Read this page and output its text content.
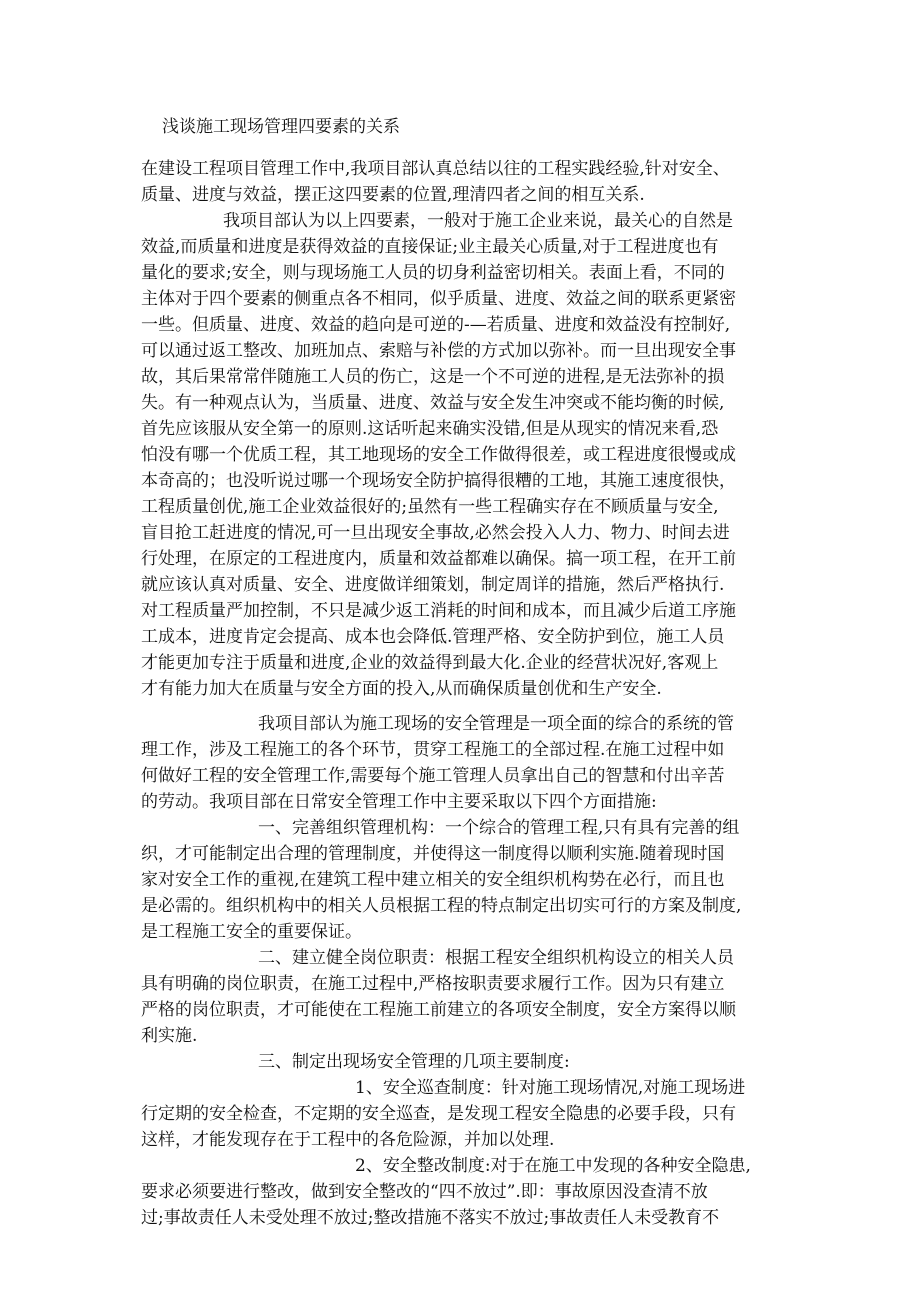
浅谈施工现场管理四要素的关系
在建设工程项目管理工作中,我项目部认真总结以往的工程实践经验,针对安全、
质量、进度与效益，摆正这四要素的位置,理清四者之间的相互关系.
我项目部认为以上四要素，一般对于施工企业来说，最关心的自然是
效益,而质量和进度是获得效益的直接保证;业主最关心质量,对于工程进度也有
量化的要求;安全，则与现场施工人员的切身利益密切相关。表面上看，不同的
主体对于四个要素的侧重点各不相同，似乎质量、进度、效益之间的联系更紧密
一些。但质量、进度、效益的趋向是可逆的-—若质量、进度和效益没有控制好,
可以通过返工整改、加班加点、索赔与补偿的方式加以弥补。而一旦出现安全事
故，其后果常常伴随施工人员的伤亡，这是一个不可逆的进程,是无法弥补的损
失。有一种观点认为，当质量、进度、效益与安全发生冲突或不能均衡的时候,
首先应该服从安全第一的原则.这话听起来确实没错,但是从现实的情况来看,恐
怕没有哪一个优质工程，其工地现场的安全工作做得很差，或工程进度很慢或成
本奇高的；也没听说过哪一个现场安全防护搞得很糟的工地，其施工速度很快，
工程质量创优,施工企业效益很好的;虽然有一些工程确实存在不顾质量与安全,
盲目抢工赶进度的情况,可一旦出现安全事故,必然会投入人力、物力、时间去进
行处理，在原定的工程进度内，质量和效益都难以确保。搞一项工程，在开工前
就应该认真对质量、安全、进度做详细策划，制定周详的措施，然后严格执行.
对工程质量严加控制，不只是减少返工消耗的时间和成本，而且减少后道工序施
工成本，进度肯定会提高、成本也会降低.管理严格、安全防护到位，施工人员
才能更加专注于质量和进度,企业的效益得到最大化.企业的经营状况好,客观上
才有能力加大在质量与安全方面的投入,从而确保质量创优和生产安全.
我项目部认为施工现场的安全管理是一项全面的综合的系统的管
理工作，涉及工程施工的各个环节，贯穿工程施工的全部过程.在施工过程中如
何做好工程的安全管理工作,需要每个施工管理人员拿出自己的智慧和付出辛苦
的劳动。我项目部在日常安全管理工作中主要采取以下四个方面措施:
一、完善组织管理机构：一个综合的管理工程,只有具有完善的组
织，才可能制定出合理的管理制度，并使得这一制度得以顺利实施.随着现时国
家对安全工作的重视,在建筑工程中建立相关的安全组织机构势在必行，而且也
是必需的。组织机构中的相关人员根据工程的特点制定出切实可行的方案及制度,
是工程施工安全的重要保证。
二、建立健全岗位职责：根据工程安全组织机构设立的相关人员
具有明确的岗位职责，在施工过程中,严格按职责要求履行工作。因为只有建立
严格的岗位职责，才可能使在工程施工前建立的各项安全制度，安全方案得以顺
利实施.
三、制定出现场安全管理的几项主要制度:
1、安全巡查制度：针对施工现场情况,对施工现场进
行定期的安全检查，不定期的安全巡查，是发现工程安全隐患的必要手段，只有
这样，才能发现存在于工程中的各危险源，并加以处理.
2、安全整改制度:对于在施工中发现的各种安全隐患,
要求必须要进行整改，做到安全整改的“四不放过”.即：事故原因没查清不放
过;事故责任人未受处理不放过;整改措施不落实不放过;事故责任人未受教育不
